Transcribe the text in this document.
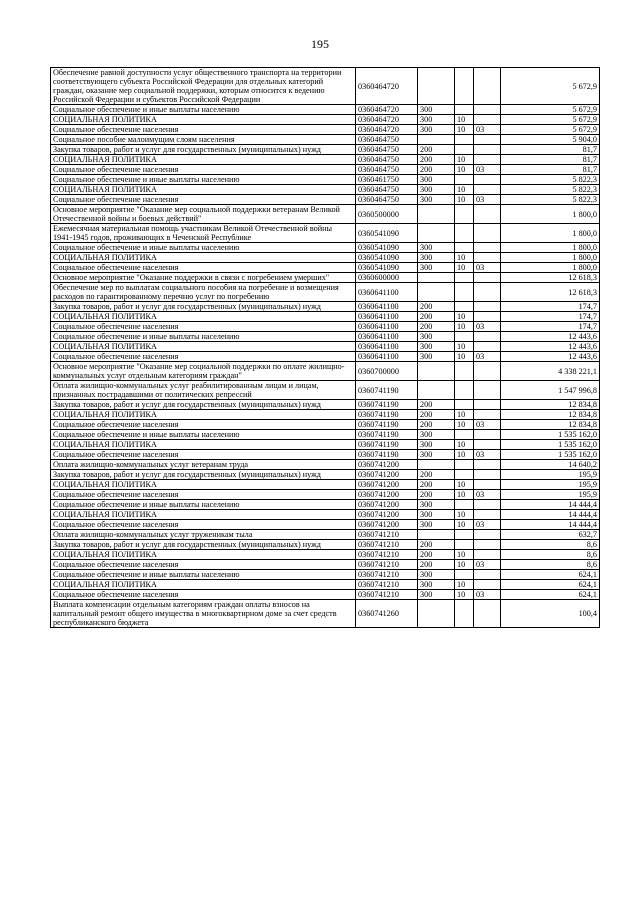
195
Обеспечение равной доступности услуг общественного транспорта на территории соответствующего субъекта Российской Федерации для отдельных категорий граждан, оказание мер социальной поддержки, которым относится к ведению Российской Федерации и субъектов Российской Федерации	0360464720				5 672,9
Социальное обеспечение и иные выплаты населению	0360464720	300			5 672,9
СОЦИАЛЬНАЯ ПОЛИТИКА	0360464720	300	10		5 672,9
Социальное обеспечение населения	0360464720	300	10	03	5 672,9
Социальное пособие малоимущим слоям населения	0360464750				5 904,0
Закупка товаров, работ и услуг для государственных (муниципальных) нужд	0360464750	200			81,7
СОЦИАЛЬНАЯ ПОЛИТИКА	0360464750	200	10		81,7
Социальное обеспечение населения	0360464750	200	10	03	81,7
Социальное обеспечение и иные выплаты населению	0360461750	300			5 822,3
СОЦИАЛЬНАЯ ПОЛИТИКА	0360464750	300	10		5 822,3
Социальное обеспечение населения	0360464750	300	10	03	5 822,3
Основное мероприятие "Оказание мер социальной поддержки ветеранам Великой Отечественной войны и боевых действий"	0360500000				1 800,0
Ежемесячная материальная помощь участникам Великой Отечественной войны 1941-1945 годов, проживающих в Чеченской Республике	0360541090				1 800,0
Социальное обеспечение и иные выплаты населению	0360541090	300			1 800,0
СОЦИАЛЬНАЯ ПОЛИТИКА	0360541090	300	10		1 800,0
Социальное обеспечение населения	0360541090	300	10	03	1 800,0
Основное мероприятие "Оказание поддержки в связи с погребением умерших"	0360600000				12 618,3
Обеспечение мер по выплатам социального пособия на погребение и возмещения расходов по гарантированному перечню услуг по погребению	0360641100				12 618,3
Закупка товаров, работ и услуг для государственных (муниципальных) нужд	0360641100	200			174,7
СОЦИАЛЬНАЯ ПОЛИТИКА	0360641100	200	10		174,7
Социальное обеспечение населения	0360641100	200	10	03	174,7
Социальное обеспечение и иные выплаты населению	0360641100	300			12 443,6
СОЦИАЛЬНАЯ ПОЛИТИКА	0360641100	300	10		12 443,6
Социальное обеспечение населения	0360641100	300	10	03	12 443,6
Основное мероприятие "Оказание мер социальной поддержки по оплате жилищно-коммунальных услуг отдельным категориям граждан"	0360700000				4 338 221,1
Оплата жилищно-коммунальных услуг реабилитированным лицам и лицам, признанных пострадавшими от политических репрессий	0360741190				1 547 996,8
Закупка товаров, работ и услуг для государственных (муниципальных) нужд	0360741190	200			12 834,8
СОЦИАЛЬНАЯ ПОЛИТИКА	0360741190	200	10		12 834,8
Социальное обеспечение населения	0360741190	200	10	03	12 834,8
Социальное обеспечение и иные выплаты населению	0360741190	300			1 535 162,0
СОЦИАЛЬНАЯ ПОЛИТИКА	0360741190	300	10		1 535 162,0
Социальное обеспечение населения	0360741190	300	10	03	1 535 162,0
Оплата жилищно-коммунальных услуг ветеранам труда	0360741200				14 640,2
Закупка товаров, работ и услуг для государственных (муниципальных) нужд	0360741200	200			195,9
СОЦИАЛЬНАЯ ПОЛИТИКА	0360741200	200	10		195,9
Социальное обеспечение населения	0360741200	200	10	03	195,9
Социальное обеспечение и иные выплаты населению	0360741200	300			14 444,4
СОЦИАЛЬНАЯ ПОЛИТИКА	0360741200	300	10		14 444,4
Социальное обеспечение населения	0360741200	300	10	03	14 444,4
Оплата жилищно-коммунальных услуг труженикам тыла	0360741210				632,7
Закупка товаров, работ и услуг для государственных (муниципальных) нужд	0360741210	200			8,6
СОЦИАЛЬНАЯ ПОЛИТИКА	0360741210	200	10		8,6
Социальное обеспечение населения	0360741210	200	10	03	8,6
Социальное обеспечение и иные выплаты населению	0360741210	300			624,1
СОЦИАЛЬНАЯ ПОЛИТИКА	0360741210	300	10		624,1
Социальное обеспечение населения	0360741210	300	10	03	624,1
Выплата компенсации отдельным категориям граждан оплаты взносов на капитальный ремонт общего имущества в многоквартирном доме за счет средств республиканского бюджета	0360741260				100,4
